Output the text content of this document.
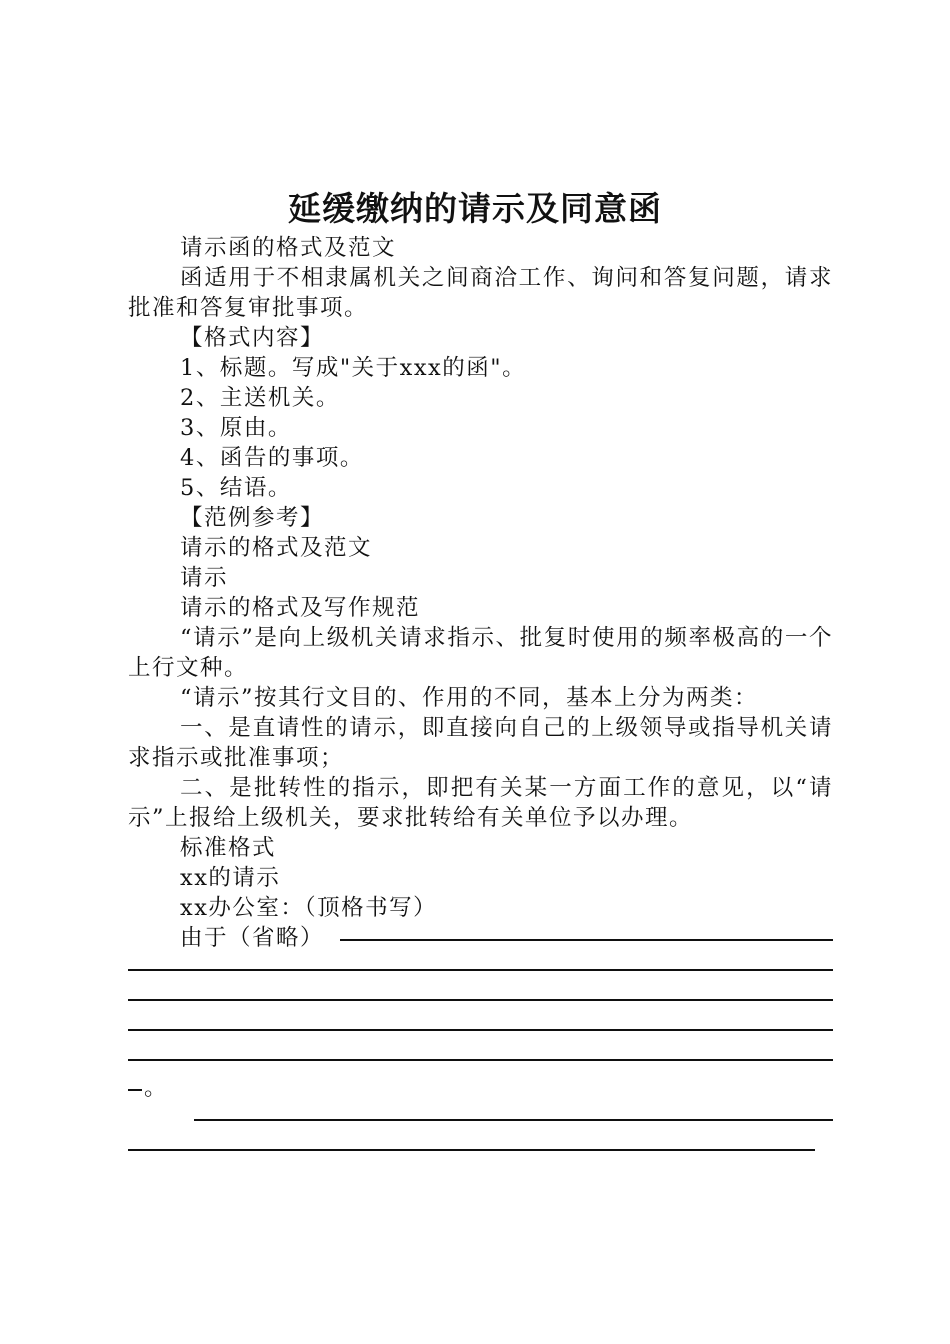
延缓缴纳的请示及同意函

请示函的格式及范文

函适用于不相隶属机关之间商洽工作、询问和答复问题，请求批准和答复审批事项。

【格式内容】

1、标题。写成"关于xxx的函"。

2、主送机关。

3、原由。

4、函告的事项。

5、结语。

【范例参考】

请示的格式及范文

请示

请示的格式及写作规范

“请示”是向上级机关请求指示、批复时使用的频率极高的一个上行文种。

“请示”按其行文目的、作用的不同，基本上分为两类：

一、是直请性的请示，即直接向自己的上级领导或指导机关请求指示或批准事项；

二、是批转性的指示，即把有关某一方面工作的意见，以“请示”上报给上级机关，要求批转给有关单位予以办理。

标准格式

xx的请示

xx办公室：（顶格书写）

由于（省略）
。
